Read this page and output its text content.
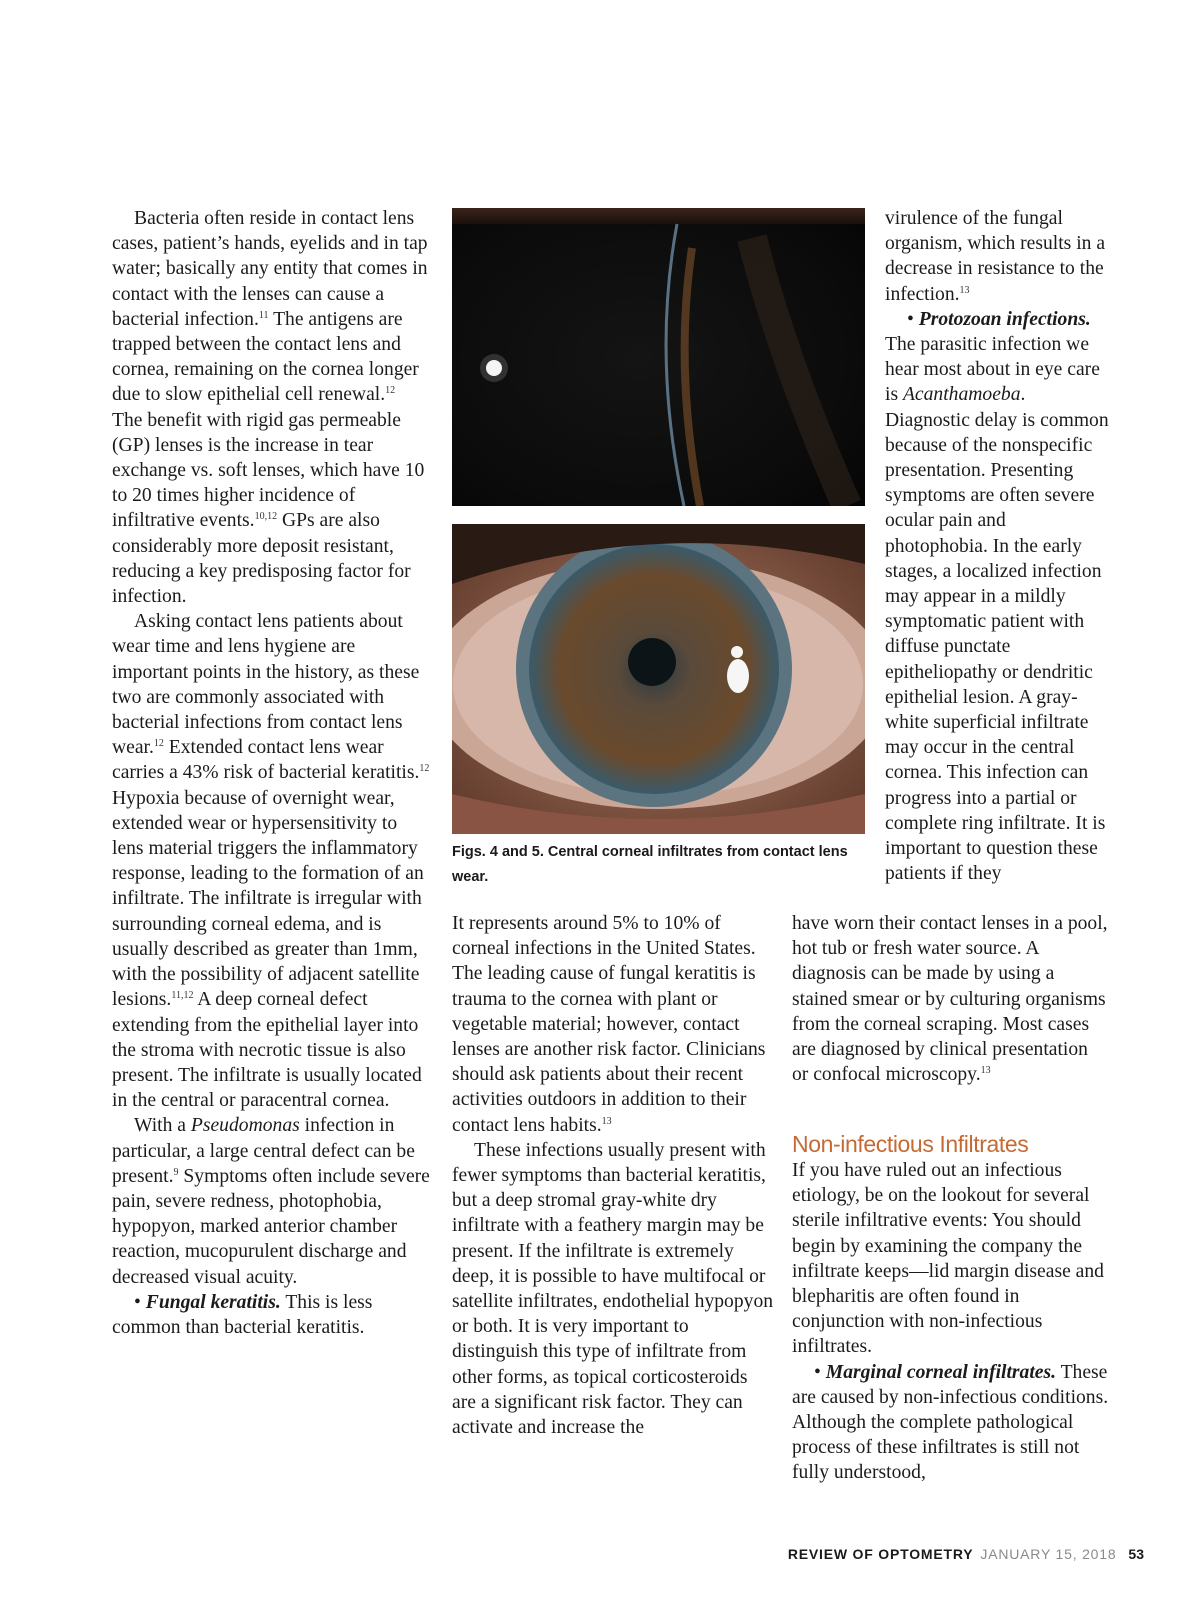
Bacteria often reside in contact lens cases, patient’s hands, eyelids and in tap water; basically any entity that comes in contact with the lenses can cause a bacterial infection.$^{11}$ The antigens are trapped between the contact lens and cornea, remaining on the cornea longer due to slow epithelial cell renewal.$^{12}$ The benefit with rigid gas permeable (GP) lenses is the increase in tear exchange vs. soft lenses, which have 10 to 20 times higher incidence of infiltrative events.$^{10,12}$ GPs are also considerably more deposit resistant, reducing a key predisposing factor for infection.

Asking contact lens patients about wear time and lens hygiene are important points in the history, as these two are commonly associated with bacterial infections from contact lens wear.$^{12}$ Extended contact lens wear carries a 43% risk of bacterial keratitis.$^{12}$ Hypoxia because of overnight wear, extended wear or hypersensitivity to lens material triggers the inflammatory response, leading to the formation of an infiltrate. The infiltrate is irregular with surrounding corneal edema, and is usually described as greater than 1mm, with the possibility of adjacent satellite lesions.$^{11,12}$ A deep corneal defect extending from the epithelial layer into the stroma with necrotic tissue is also present. The infiltrate is usually located in the central or paracentral cornea.

With a Pseudomonas infection in particular, a large central defect can be present.$^9$ Symptoms often include severe pain, severe redness, photophobia, hypopyon, marked anterior chamber reaction, mucopurulent discharge and decreased visual acuity.

• Fungal keratitis. This is less common than bacterial keratitis.

Figs. 4 and 5. Central corneal infiltrates from contact lens wear.

It represents around 5% to 10% of corneal infections in the United States. The leading cause of fungal keratitis is trauma to the cornea with plant or vegetable material; however, contact lenses are another risk factor. Clinicians should ask patients about their recent activities outdoors in addition to their contact lens habits.$^{13}$

These infections usually present with fewer symptoms than bacterial keratitis, but a deep stromal gray-white dry infiltrate with a feathery margin may be present. If the infiltrate is extremely deep, it is possible to have multifocal or satellite infiltrates, endothelial hypopyon or both. It is very important to distinguish this type of infiltrate from other forms, as topical corticosteroids are a significant risk factor. They can activate and increase the

virulence of the fungal organism, which results in a decrease in resistance to the infection.$^{13}$

• Protozoan infections. The parasitic infection we hear most about in eye care is Acanthamoeba. Diagnostic delay is common because of the nonspecific presentation. Presenting symptoms are often severe ocular pain and photophobia. In the early stages, a localized infection may appear in a mildly symptomatic patient with diffuse punctate epitheliopathy or dendritic epithelial lesion. A gray-white superficial infiltrate may occur in the central cornea. This infection can progress into a partial or complete ring infiltrate. It is important to question these patients if they

have worn their contact lenses in a pool, hot tub or fresh water source. A diagnosis can be made by using a stained smear or by culturing organisms from the corneal scraping. Most cases are diagnosed by clinical presentation or confocal microscopy.$^{13}$

Non-infectious Infiltrates

If you have ruled out an infectious etiology, be on the lookout for several sterile infiltrative events: You should begin by examining the company the infiltrate keeps—lid margin disease and blepharitis are often found in conjunction with non-infectious infiltrates.

• Marginal corneal infiltrates. These are caused by non-infectious conditions. Although the complete pathological process of these infiltrates is still not fully understood,

REVIEW OF OPTOMETRY JANUARY 15, 2018 53
